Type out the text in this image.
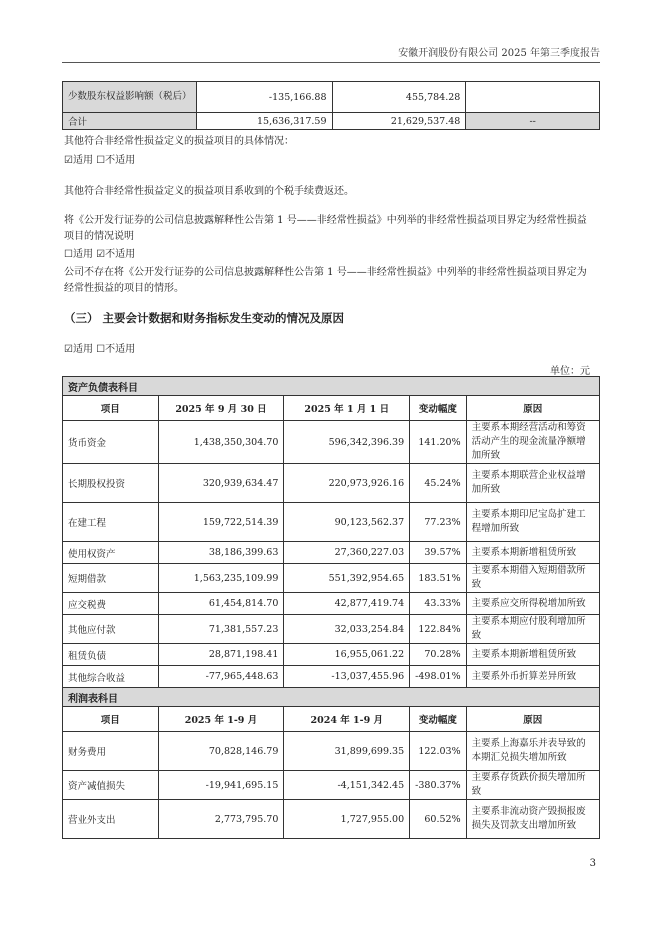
安徽开润股份有限公司 2025 年第三季度报告
少数股东权益影响额（税后）	-135,166.88	455,784.28	
合计	15,636,317.59	21,629,537.48	--
其他符合非经常性损益定义的损益项目的具体情况：
☑适用 ☐不适用
其他符合非经常性损益定义的损益项目系收到的个税手续费返还。
将《公开发行证券的公司信息披露解释性公告第 1 号——非经常性损益》中列举的非经常性损益项目界定为经常性损益
项目的情况说明
☐适用 ☑不适用
公司不存在将《公开发行证券的公司信息披露解释性公告第 1 号——非经常性损益》中列举的非经常性损益项目界定为
经常性损益的项目的情形。
（三） 主要会计数据和财务指标发生变动的情况及原因
☑适用 ☐不适用
单位：元
资产负债表科目				
项目	2025 年 9 月 30 日	2025 年 1 月 1 日	变动幅度	原因
货币资金	1,438,350,304.70	596,342,396.39	141.20%	主要系本期经营活动和筹资活动产生的现金流量净额增加所致
长期股权投资	320,939,634.47	220,973,926.16	45.24%	主要系本期联营企业权益增加所致
在建工程	159,722,514.39	90,123,562.37	77.23%	主要系本期印尼宝岛扩建工程增加所致
使用权资产	38,186,399.63	27,360,227.03	39.57%	主要系本期新增租赁所致
短期借款	1,563,235,109.99	551,392,954.65	183.51%	主要系本期借入短期借款所致
应交税费	61,454,814.70	42,877,419.74	43.33%	主要系应交所得税增加所致
其他应付款	71,381,557.23	32,033,254.84	122.84%	主要系本期应付股利增加所致
租赁负债	28,871,198.41	16,955,061.22	70.28%	主要系本期新增租赁所致
其他综合收益	-77,965,448.63	-13,037,455.96	-498.01%	主要系外币折算差异所致
利润表科目				
项目	2025 年 1-9 月	2024 年 1-9 月	变动幅度	原因
财务费用	70,828,146.79	31,899,699.35	122.03%	主要系上海嘉乐并表导致的本期汇兑损失增加所致
资产减值损失	-19,941,695.15	-4,151,342.45	-380.37%	主要系存货跌价损失增加所致
营业外支出	2,773,795.70	1,727,955.00	60.52%	主要系非流动资产毁损报废损失及罚款支出增加所致
3
